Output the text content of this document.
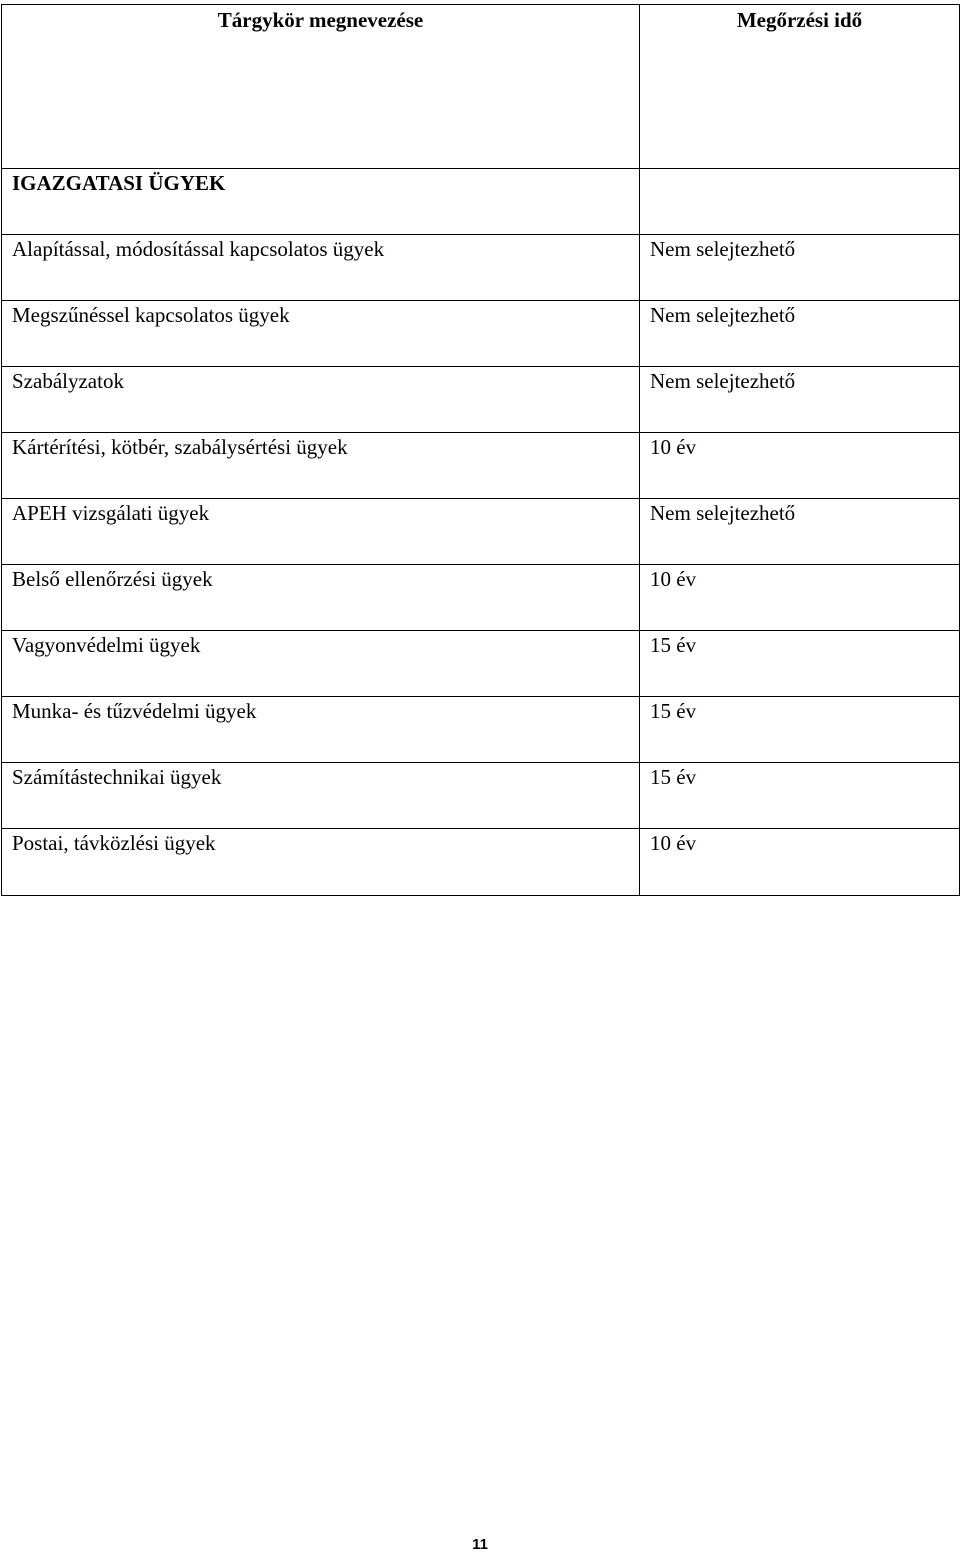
Tárgykör megnevezése	Megőrzési idő
IGAZGATASI ÜGYEK	
Alapítással, módosítással kapcsolatos ügyek	Nem selejtezhető
Megszűnéssel kapcsolatos ügyek	Nem selejtezhető
Szabályzatok	Nem selejtezhető
Kártérítési, kötbér, szabálysértési ügyek	10 év
APEH vizsgálati ügyek	Nem selejtezhető
Belső ellenőrzési ügyek	10 év
Vagyonvédelmi ügyek	15 év
Munka- és tűzvédelmi ügyek	15 év
Számítástechnikai ügyek	15 év
Postai, távközlési ügyek	10 év
11
